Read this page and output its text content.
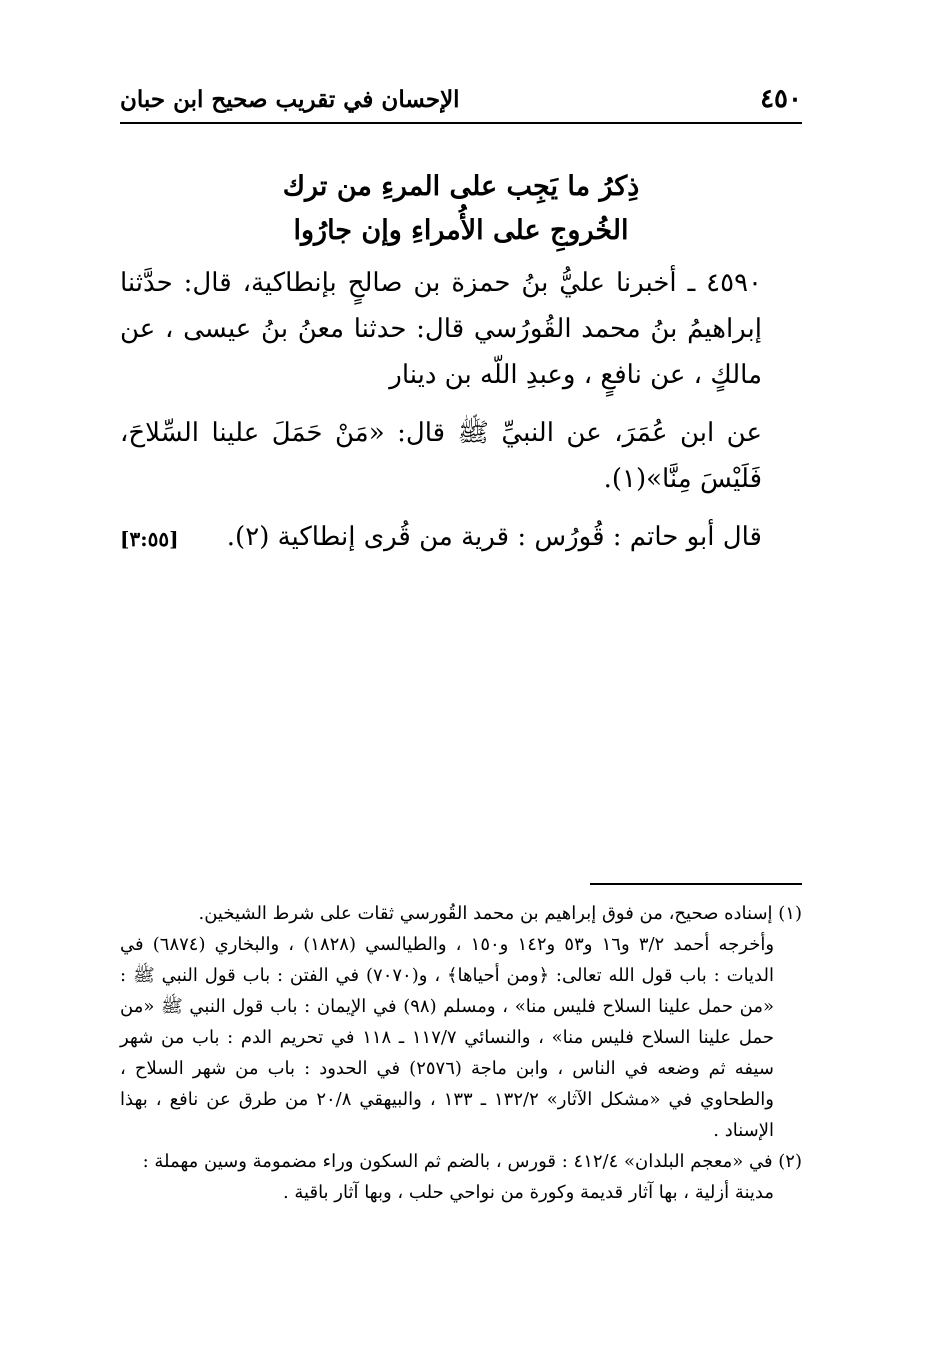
٤٥٠
الإحسان في تقريب صحيح ابن حبان
ذِكرُ ما يَجِب على المرءِ من ترك
الخُروجِ على الأُمراءِ وإن جارُوا

٤٥٩٠ ـ أخبرنا عليُّ بنُ حمزة بن صالحٍ بإنطاكية، قال: حدَّثنا إبراهيمُ بنُ محمد القُورُسي قال: حدثنا معنُ بنُ عيسى ، عن مالكٍ ، عن نافعٍ ، وعبدِ اللّه بن دينار

عن ابن عُمَرَ، عن النبيِّ ﷺ قال: «مَنْ حَمَلَ علينا السِّلاحَ، فَلَيْسَ مِنَّا»(١).

[٣:٥٥] قال أبو حاتم : قُورُس : قرية من قُرى إنطاكية (٢).

(١) إسناده صحيح، من فوق إبراهيم بن محمد القُورسي ثقات على شرط الشيخين.

وأخرجه أحمد ٣/٢ و١٦ و٥٣ و١٤٢ و١٥٠ ، والطيالسي (١٨٢٨) ، والبخاري (٦٨٧٤) في الديات : باب قول الله تعالى: ﴿ومن أحياها﴾ ، و(٧٠٧٠) في الفتن : باب قول النبي ﷺ : «من حمل علينا السلاح فليس منا» ، ومسلم (٩٨) في الإيمان : باب قول النبي ﷺ «من حمل علينا السلاح فليس منا» ، والنسائي ١١٧/٧ ـ ١١٨ في تحريم الدم : باب من شهر سيفه ثم وضعه في الناس ، وابن ماجة (٢٥٧٦) في الحدود : باب من شهر السلاح ، والطحاوي في «مشكل الآثار» ١٣٢/٢ ـ ١٣٣ ، والبيهقي ٢٠/٨ من طرق عن نافع ، بهذا الإسناد .

(٢) في «معجم البلدان» ٤١٢/٤ : قورس ، بالضم ثم السكون وراء مضمومة وسين مهملة :

مدينة أزلية ، بها آثار قديمة وكورة من نواحي حلب ، وبها آثار باقية .
